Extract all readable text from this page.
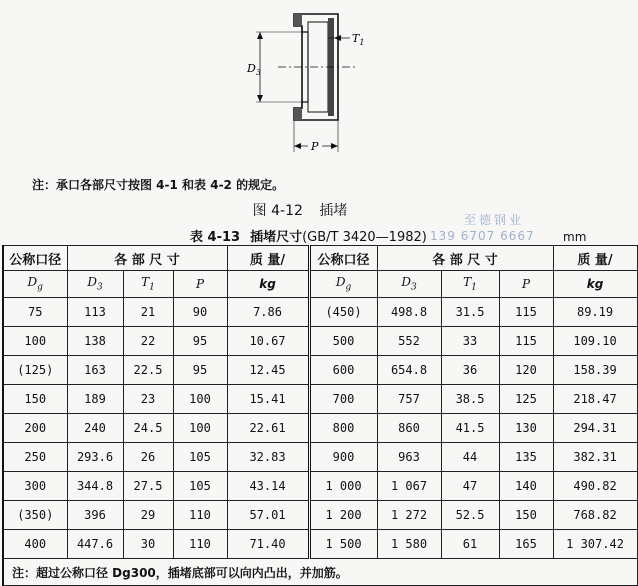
$D_3$
$T_1$
P
注：承口各部尺寸按图 4-1 和表 4-2 的规定。
图 4-12 插堵
至德钢业
139 6707 6667
表 4-13 插堵尺寸(GB/T 3420—1982)	mm
公称口径	各 部 尺 寸			质 量/	公称口径	各 部 尺 寸			质 量/
$D_g$	$D_3$	$T_1$	P	kg	$D_g$	$D_3$	$T_1$	P	kg
75	113	21	90	7.86	(450)	498.8	31.5	115	89.19
100	138	22	95	10.67	500	552	33	115	109.10
(125)	163	22.5	95	12.45	600	654.8	36	120	158.39
150	189	23	100	15.41	700	757	38.5	125	218.47
200	240	24.5	100	22.61	800	860	41.5	130	294.31
250	293.6	26	105	32.83	900	963	44	135	382.31
300	344.8	27.5	105	43.14	1 000	1 067	47	140	490.82
(350)	396	29	110	57.01	1 200	1 272	52.5	150	768.82
400	447.6	30	110	71.40	1 500	1 580	61	165	1 307.42
注：超过公称口径 Dg300，插堵底部可以向内凸出，并加筋。									
